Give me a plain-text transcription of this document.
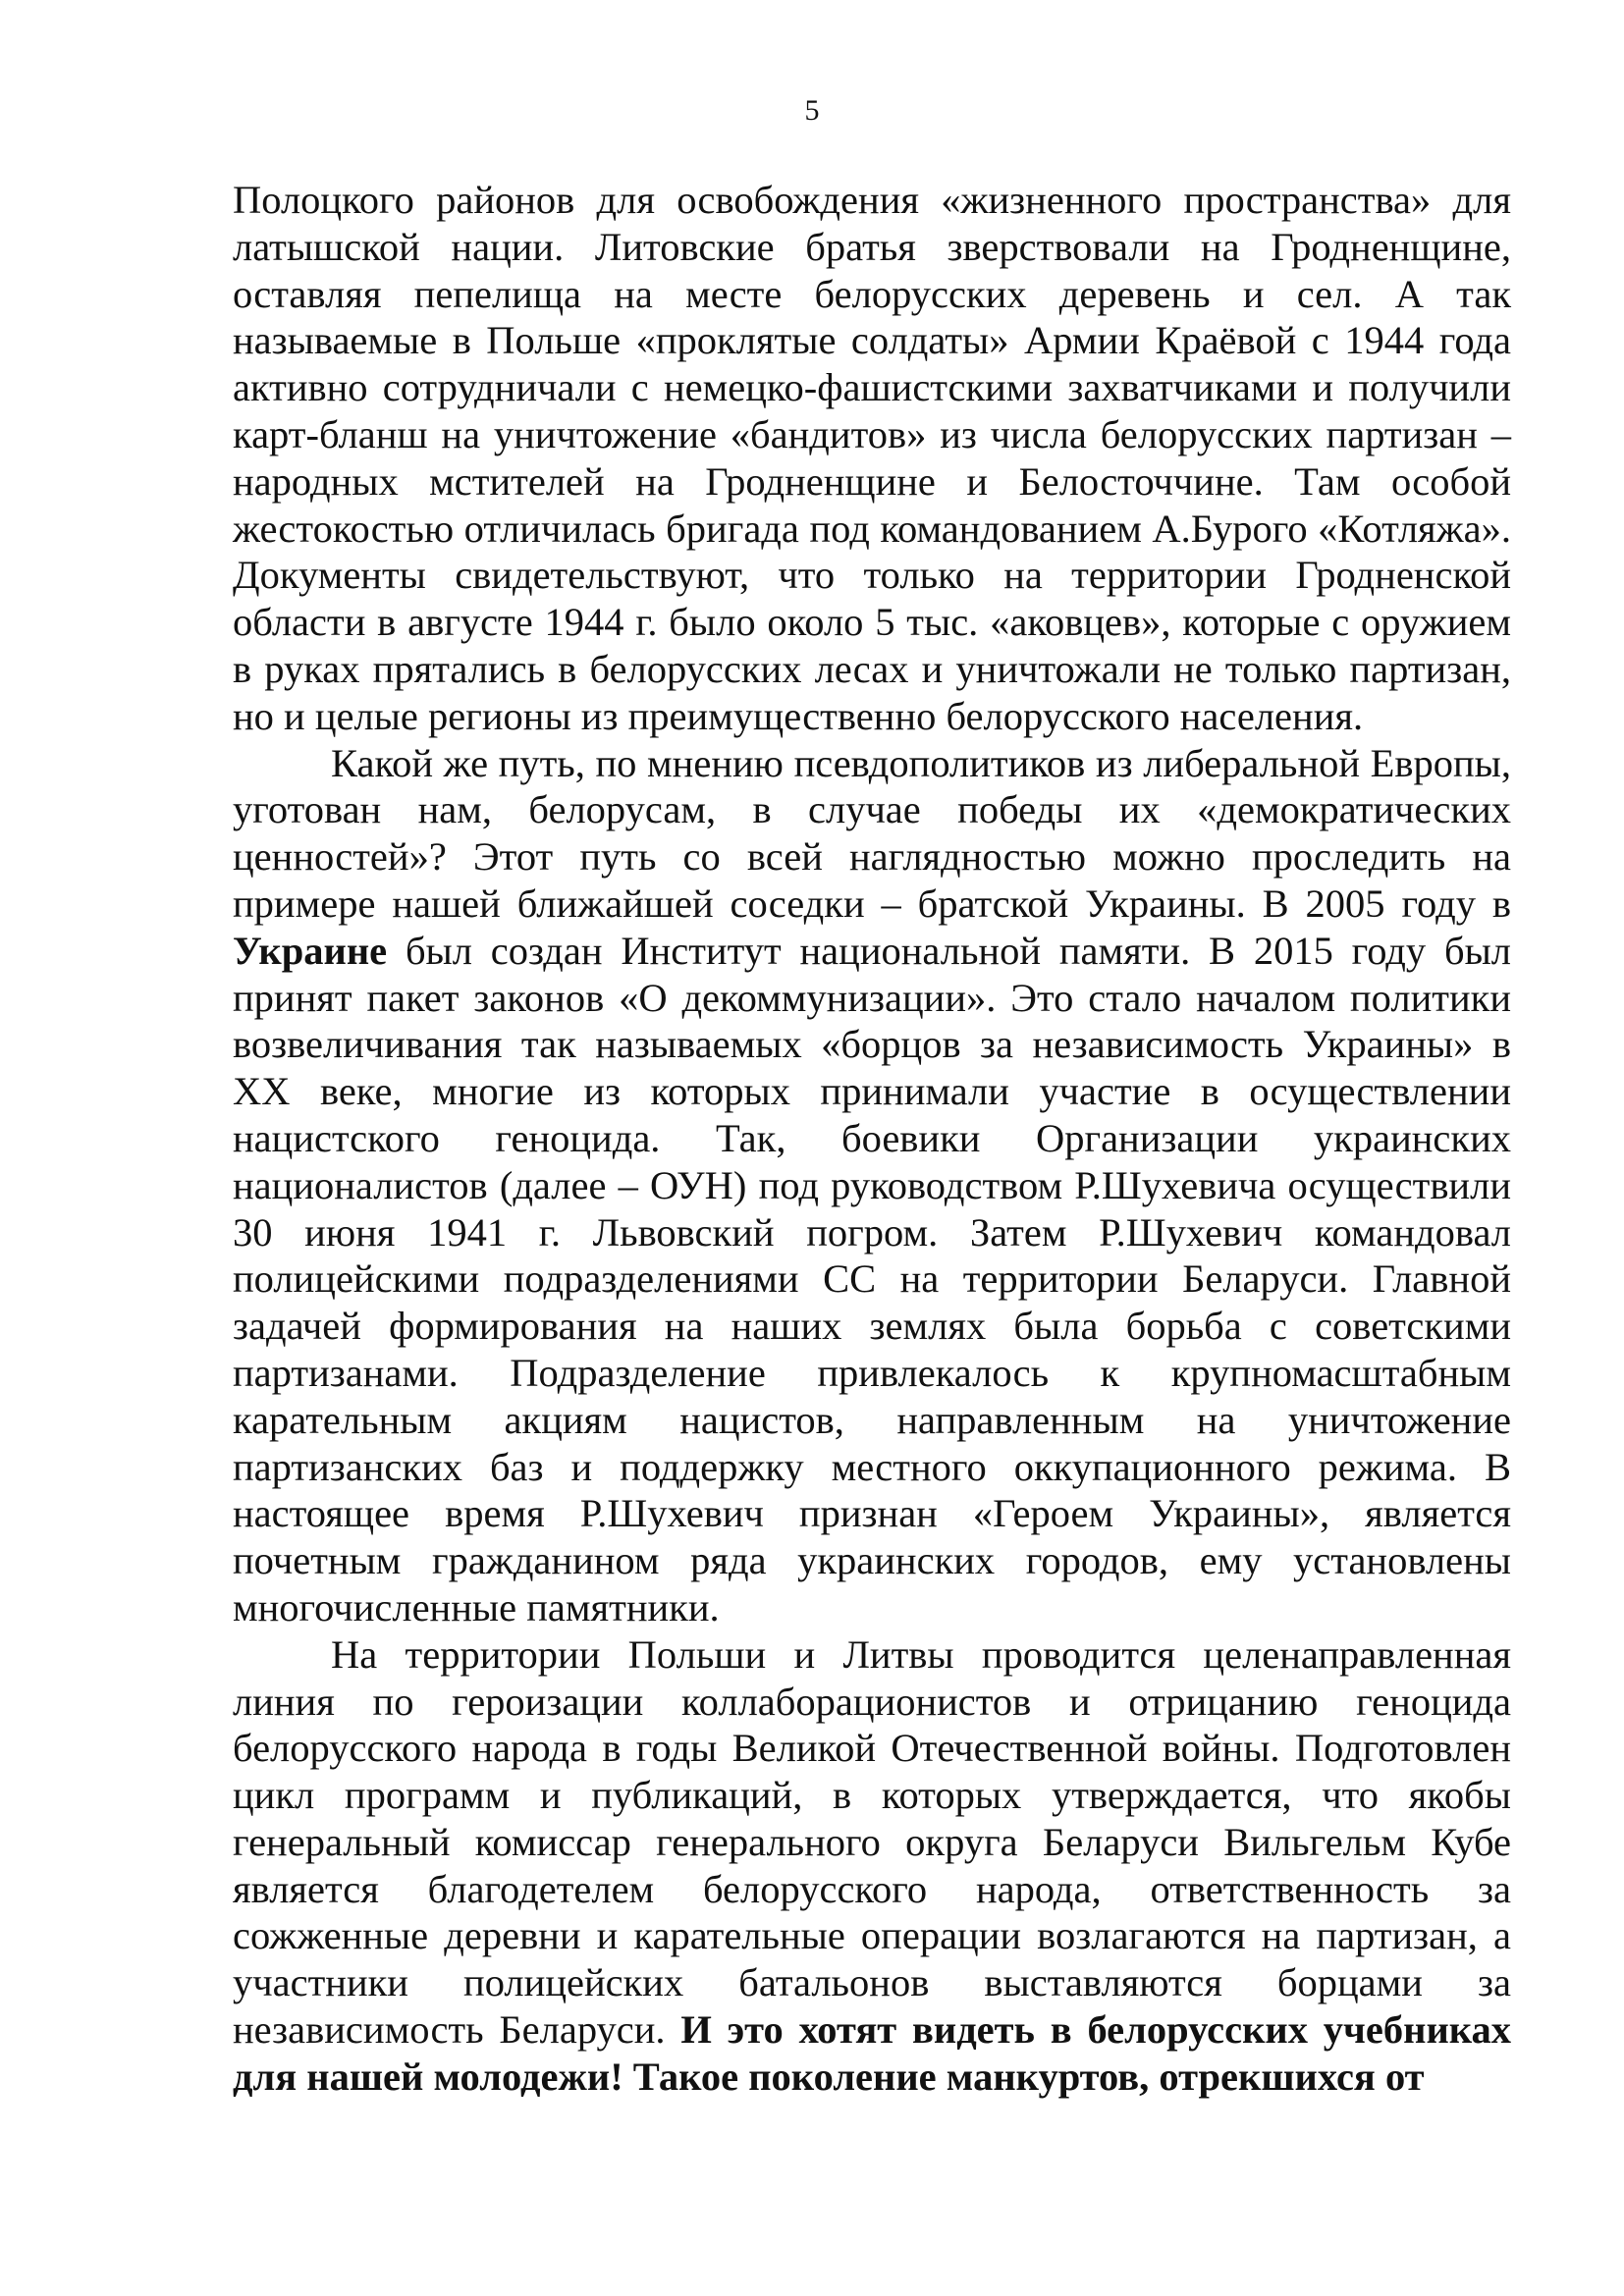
5

Полоцкого районов для освобождения «жизненного пространства» для латышской нации. Литовские братья зверствовали на Гродненщине, оставляя пепелища на месте белорусских деревень и сел. А так называемые в Польше «проклятые солдаты» Армии Краёвой с 1944 года активно сотрудничали с немецко-фашистскими захватчиками и получили карт-бланш на уничтожение «бандитов» из числа белорусских партизан – народных мстителей на Гродненщине и Белосточчине. Там особой жестокостью отличилась бригада под командованием А.Бурого «Котляжа». Документы свидетельствуют, что только на территории Гродненской области в августе 1944 г. было около 5 тыс. «аковцев», которые с оружием в руках прятались в белорусских лесах и уничтожали не только партизан, но и целые регионы из преимущественно белорусского населения.

Какой же путь, по мнению псевдополитиков из либеральной Европы, уготован нам, белорусам, в случае победы их «демократических ценностей»? Этот путь со всей наглядностью можно проследить на примере нашей ближайшей соседки – братской Украины. В 2005 году в Украине был создан Институт национальной памяти. В 2015 году был принят пакет законов «О декоммунизации». Это стало началом политики возвеличивания так называемых «борцов за независимость Украины» в ХХ веке, многие из которых принимали участие в осуществлении нацистского геноцида. Так, боевики Организации украинских националистов (далее – ОУН) под руководством Р.Шухевича осуществили 30 июня 1941 г. Львовский погром. Затем Р.Шухевич командовал полицейскими подразделениями СС на территории Беларуси. Главной задачей формирования на наших землях была борьба с советскими партизанами. Подразделение привлекалось к крупномасштабным карательным акциям нацистов, направленным на уничтожение партизанских баз и поддержку местного оккупационного режима. В настоящее время Р.Шухевич признан «Героем Украины», является почетным гражданином ряда украинских городов, ему установлены многочисленные памятники.

На территории Польши и Литвы проводится целенаправленная линия по героизации коллаборационистов и отрицанию геноцида белорусского народа в годы Великой Отечественной войны. Подготовлен цикл программ и публикаций, в которых утверждается, что якобы генеральный комиссар генерального округа Беларуси Вильгельм Кубе является благодетелем белорусского народа, ответственность за сожженные деревни и карательные операции возлагаются на партизан, а участники полицейских батальонов выставляются борцами за независимость Беларуси. И это хотят видеть в белорусских учебниках для нашей молодежи! Такое поколение манкуртов, отрекшихся от
